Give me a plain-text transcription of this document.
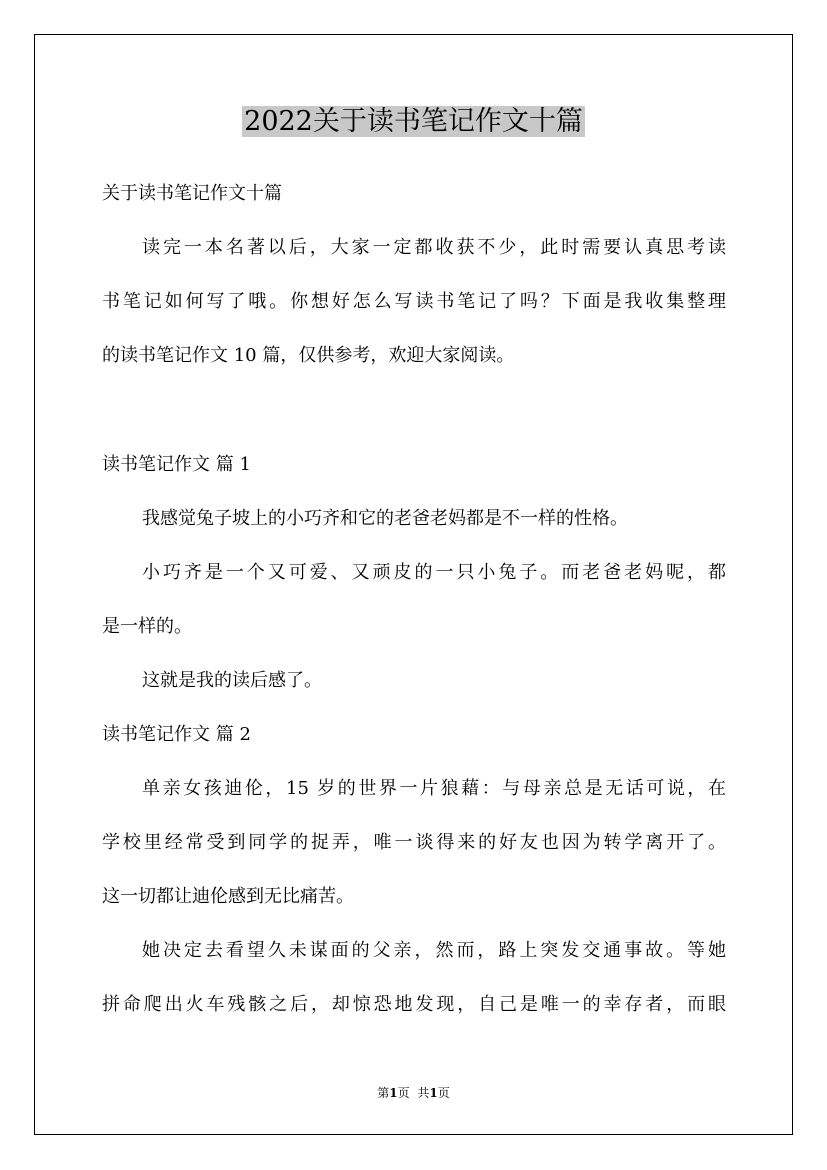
2022关于读书笔记作文十篇
关于读书笔记作文十篇
读完一本名著以后，大家一定都收获不少，此时需要认真思考读
书笔记如何写了哦。你想好怎么写读书笔记了吗？下面是我收集整理
的读书笔记作文 10 篇，仅供参考，欢迎大家阅读。
读书笔记作文 篇 1
我感觉兔子坡上的小巧齐和它的老爸老妈都是不一样的性格。
小巧齐是一个又可爱、又顽皮的一只小兔子。而老爸老妈呢，都
是一样的。
这就是我的读后感了。
读书笔记作文 篇 2
单亲女孩迪伦，15 岁的世界一片狼藉：与母亲总是无话可说，在
学校里经常受到同学的捉弄，唯一谈得来的好友也因为转学离开了。
这一切都让迪伦感到无比痛苦。
她决定去看望久未谋面的父亲，然而，路上突发交通事故。等她
拼命爬出火车残骸之后，却惊恐地发现，自己是唯一的幸存者，而眼
第1页 共1页
